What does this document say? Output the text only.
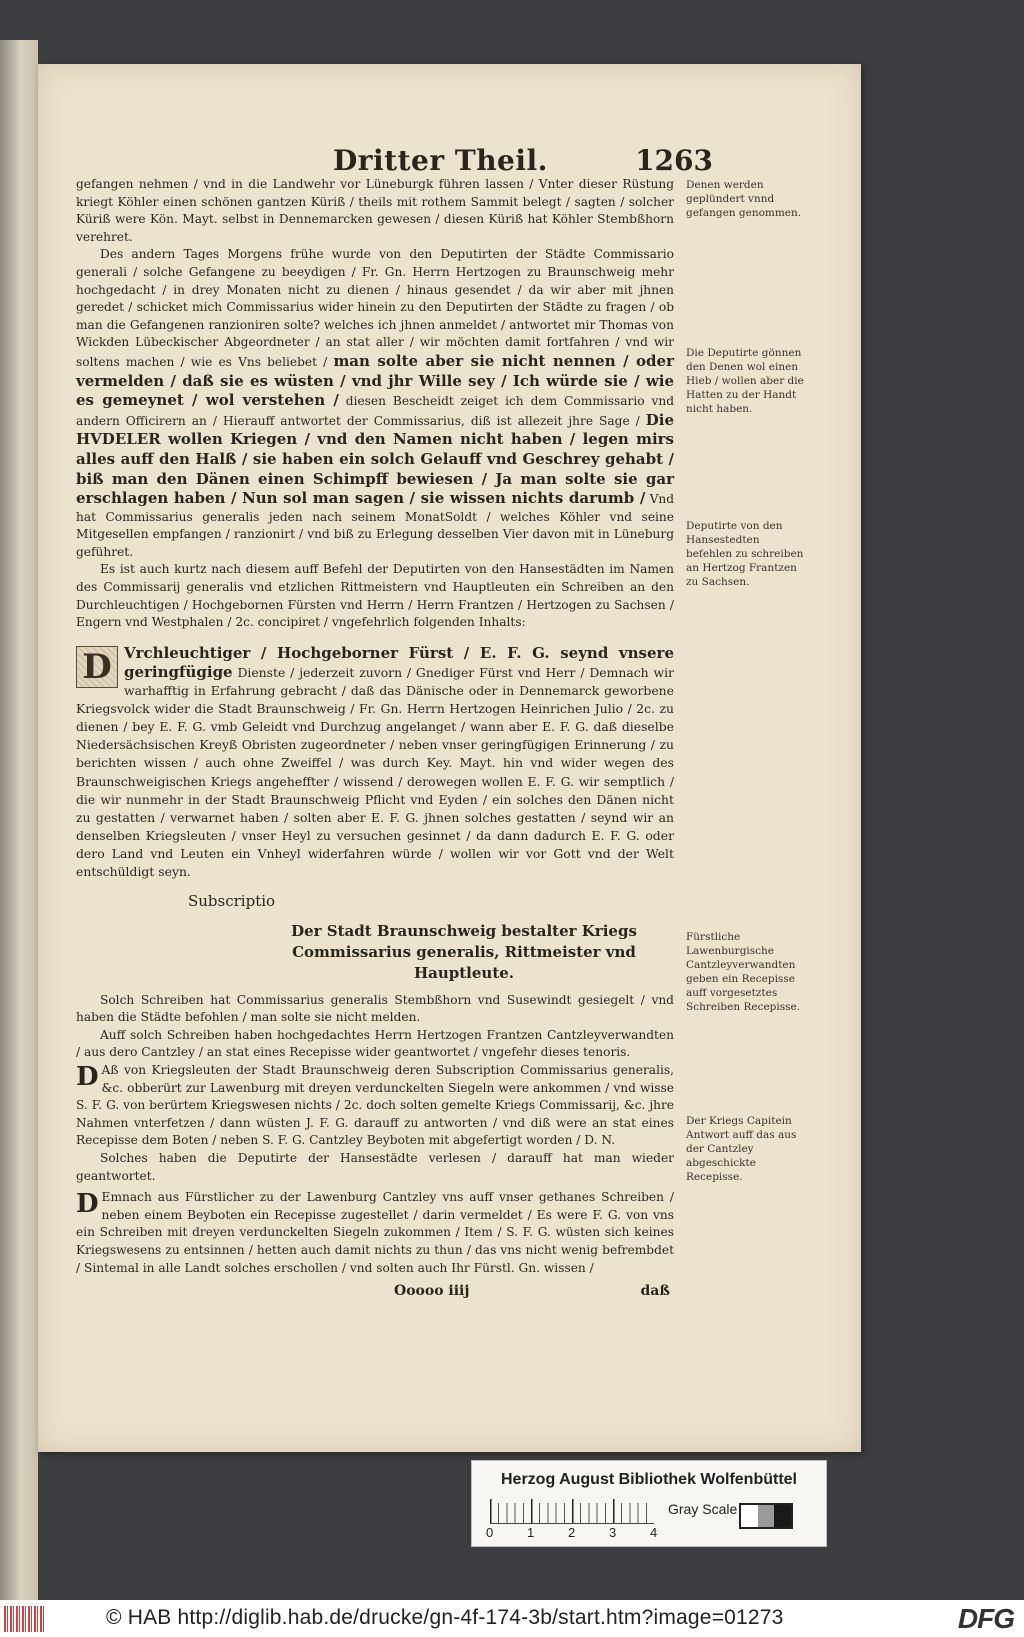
Dritter Theil.	1263

gefangen nehmen / vnd in die Landwehr vor Lüneburgk führen lassen / Vnter dieser Rüstung kriegt Köhler einen schönen gantzen Küriß / theils mit rothem Sammit belegt / sagten / solcher Küriß were Kön. Mayt. selbst in Dennemarcken gewesen / diesen Küriß hat Köhler Stembßhorn verehret.

Des andern Tages Morgens frühe wurde von den Deputirten der Städte Commissario generali / solche Gefangene zu beeydigen / Fr. Gn. Herrn Hertzogen zu Braunschweig mehr hochgedacht / in drey Monaten nicht zu dienen / hinaus gesendet / da wir aber mit jhnen geredet / schicket mich Commissarius wider hinein zu den Deputirten der Städte zu fragen / ob man die Gefangenen ranzioniren solte? welches ich jhnen anmeldet / antwortet mir Thomas von Wickden Lübeckischer Abgeordneter / an stat aller / wir möchten damit fortfahren / vnd wir soltens machen / wie es Vns beliebet / man solte aber sie nicht nennen / oder vermelden / daß sie es wüsten / vnd jhr Wille sey / Ich würde sie / wie es gemeynet / wol verstehen / diesen Bescheidt zeiget ich dem Commissario vnd andern Officirern an / Hierauff antwortet der Commissarius, diß ist allezeit jhre Sage / Die HVDELER wollen Kriegen / vnd den Namen nicht haben / legen mirs alles auff den Halß / sie haben ein solch Gelauff vnd Geschrey gehabt / biß man den Dänen einen Schimpff bewiesen / Ja man solte sie gar erschlagen haben / Nun sol man sagen / sie wissen nichts darumb / Vnd hat Commissarius generalis jeden nach seinem MonatSoldt / welches Köhler vnd seine Mitgesellen empfangen / ranzionirt / vnd biß zu Erlegung desselben Vier davon mit in Lüneburg geführet.

Es ist auch kurtz nach diesem auff Befehl der Deputirten von den Hansestädten im Namen des Commissarij generalis vnd etzlichen Rittmeistern vnd Hauptleuten ein Schreiben an den Durchleuchtigen / Hochgebornen Fürsten vnd Herrn / Herrn Frantzen / Hertzogen zu Sachsen / Engern vnd Westphalen / 2c. concipiret / vngefehrlich folgenden Inhalts:

D Vrchleuchtiger / Hochgeborner Fürst / E. F. G. seynd vnsere geringfügige Dienste / jederzeit zuvorn / Gnediger Fürst vnd Herr / Demnach wir warhafftig in Erfahrung gebracht / daß das Dänische oder in Dennemarck geworbene Kriegsvolck wider die Stadt Braunschweig / Fr. Gn. Herrn Hertzogen Heinrichen Julio / 2c. zu dienen / bey E. F. G. vmb Geleidt vnd Durchzug angelanget / wann aber E. F. G. daß dieselbe Niedersächsischen Kreyß Obristen zugeordneter / neben vnser geringfügigen Erinnerung / zu berichten wissen / auch ohne Zweiffel / was durch Key. Mayt. hin vnd wider wegen des Braunschweigischen Kriegs angeheffter / wissend / derowegen wollen E. F. G. wir semptlich / die wir nunmehr in der Stadt Braunschweig Pflicht vnd Eyden / ein solches den Dänen nicht zu gestatten / verwarnet haben / solten aber E. F. G. jhnen solches gestatten / seynd wir an denselben Kriegsleuten / vnser Heyl zu versuchen gesinnet / da dann dadurch E. F. G. oder dero Land vnd Leuten ein Vnheyl widerfahren würde / wollen wir vor Gott vnd der Welt entschüldigt seyn.
Subscriptio
Der Stadt Braunschweig bestalter Kriegs Commissarius generalis, Rittmeister vnd Hauptleute.

Solch Schreiben hat Commissarius generalis Stembßhorn vnd Susewindt gesiegelt / vnd haben die Städte befohlen / man solte sie nicht melden.

Auff solch Schreiben haben hochgedachtes Herrn Hertzogen Frantzen Cantzleyverwandten / aus dero Cantzley / an stat eines Recepisse wider geantwortet / vngefehr dieses tenoris.

D Aß von Kriegsleuten der Stadt Braunschweig deren Subscription Commissarius generalis, &c. obberürt zur Lawenburg mit dreyen verdunckelten Siegeln were ankommen / vnd wisse S. F. G. von berürtem Kriegswesen nichts / 2c. doch solten gemelte Kriegs Commissarij, &c. jhre Nahmen vnterfetzen / dann wüsten J. F. G. darauff zu antworten / vnd diß were an stat eines Recepisse dem Boten / neben S. F. G. Cantzley Beyboten mit abgefertigt worden / D. N.

Solches haben die Deputirte der Hansestädte verlesen / darauff hat man wieder geantwortet.

D Emnach aus Fürstlicher zu der Lawenburg Cantzley vns auff vnser gethanes Schreiben / neben einem Beyboten ein Recepisse zugestellet / darin vermeldet / Es were F. G. von vns ein Schreiben mit dreyen verdunckelten Siegeln zukommen / Item / S. F. G. wüsten sich keines Kriegswesens zu entsinnen / hetten auch damit nichts zu thun / das vns nicht wenig befrembdet / Sintemal in alle Landt solches erschollen / vnd solten auch Ihr Fürstl. Gn. wissen /

Ooooo iiij	daß
Denen werden geplündert vnnd gefangen genommen.
Die Deputirte gönnen den Denen wol einen Hieb / wollen aber die Hatten zu der Handt nicht haben.
Deputirte von den Hansestedten befehlen zu schreiben an Hertzog Frantzen zu Sachsen.
Fürstliche Lawenburgische Cantzleyverwandten geben ein Recepisse auff vorgesetztes Schreiben Recepisse.
Der Kriegs Capitein Antwort auff das aus der Cantzley abgeschickte Recepisse.
Herzog August Bibliothek Wolfenbüttel
0	1	2	3	4
Gray Scale
© HAB http://diglib.hab.de/drucke/gn-4f-174-3b/start.htm?image=01273	DFG
